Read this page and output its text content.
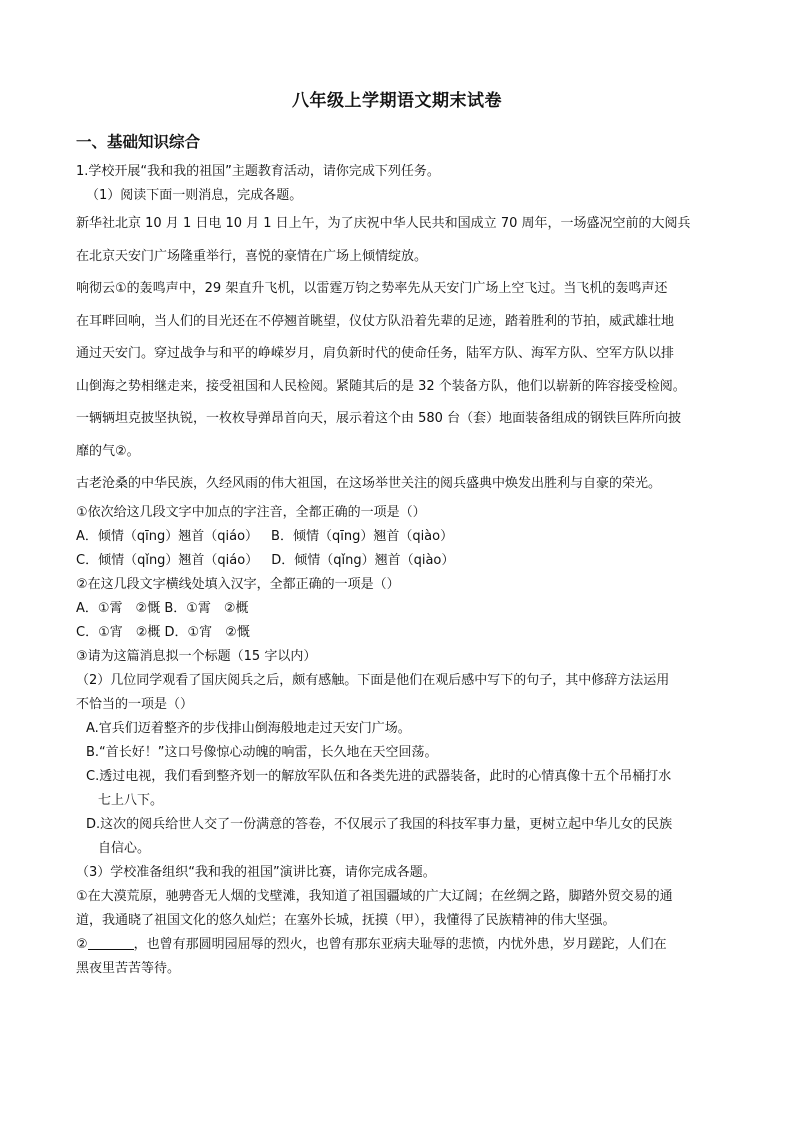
八年级上学期语文期末试卷
一、基础知识综合

1.学校开展“我和我的祖国”主题教育活动，请你完成下列任务。

（1）阅读下面一则消息，完成各题。

新华社北京 10 月 1 日电 10 月 1 日上午，为了庆祝中华人民共和国成立 70 周年，一场盛况空前的大阅兵

在北京天安门广场隆重举行，喜悦的豪情在广场上倾情绽放。

响彻云①的轰鸣声中，29 架直升飞机，以雷霆万钧之势率先从天安门广场上空飞过。当飞机的轰鸣声还

在耳畔回响，当人们的目光还在不停翘首眺望，仪仗方队沿着先辈的足迹，踏着胜利的节拍，威武雄壮地

通过天安门。穿过战争与和平的峥嵘岁月，肩负新时代的使命任务，陆军方队、海军方队、空军方队以排

山倒海之势相继走来，接受祖国和人民检阅。紧随其后的是 32 个装备方队，他们以崭新的阵容接受检阅。

一辆辆坦克披坚执锐，一枚枚导弹昂首向天，展示着这个由 580 台（套）地面装备组成的钢铁巨阵所向披

靡的气②。

古老沧桑的中华民族，久经风雨的伟大祖国，在这场举世关注的阅兵盛典中焕发出胜利与自豪的荣光。

①依次给这几段文字中加点的字注音，全都正确的一项是（）

A．倾情（qīng）翘首（qiáo）  B．倾情（qīng）翘首（qiào）

C．倾情（qǐng）翘首（qiáo）  D．倾情（qǐng）翘首（qiào）

②在这几段文字横线处填入汉字，全都正确的一项是（）

A．①霄　②慨 B．①霄　②概

C．①宵　②概 D．①宵　②慨

③请为这篇消息拟一个标题（15 字以内）

（2）几位同学观看了国庆阅兵之后，颇有感触。下面是他们在观后感中写下的句子，其中修辞方法运用

不恰当的一项是（）

A.官兵们迈着整齐的步伐排山倒海般地走过天安门广场。

B.“首长好！”这口号像惊心动魄的响雷，长久地在天空回荡。

C.透过电视，我们看到整齐划一的解放军队伍和各类先进的武器装备，此时的心情真像十五个吊桶打水

七上八下。

D.这次的阅兵给世人交了一份满意的答卷，不仅展示了我国的科技军事力量，更树立起中华儿女的民族

自信心。

（3）学校准备组织“我和我的祖国”演讲比赛，请你完成各题。

①在大漠荒原，驰骋沓无人烟的戈壁滩，我知道了祖国疆域的广大辽阔；在丝绸之路，脚踏外贸交易的通

道，我通晓了祖国文化的悠久灿烂；在塞外长城，抚摸（甲），我懂得了民族精神的伟大坚强。

②	，也曾有那圆明园屈辱的烈火，也曾有那东亚病夫耻辱的悲愤，内忧外患，岁月蹉跎，人们在

黑夜里苦苦等待。
